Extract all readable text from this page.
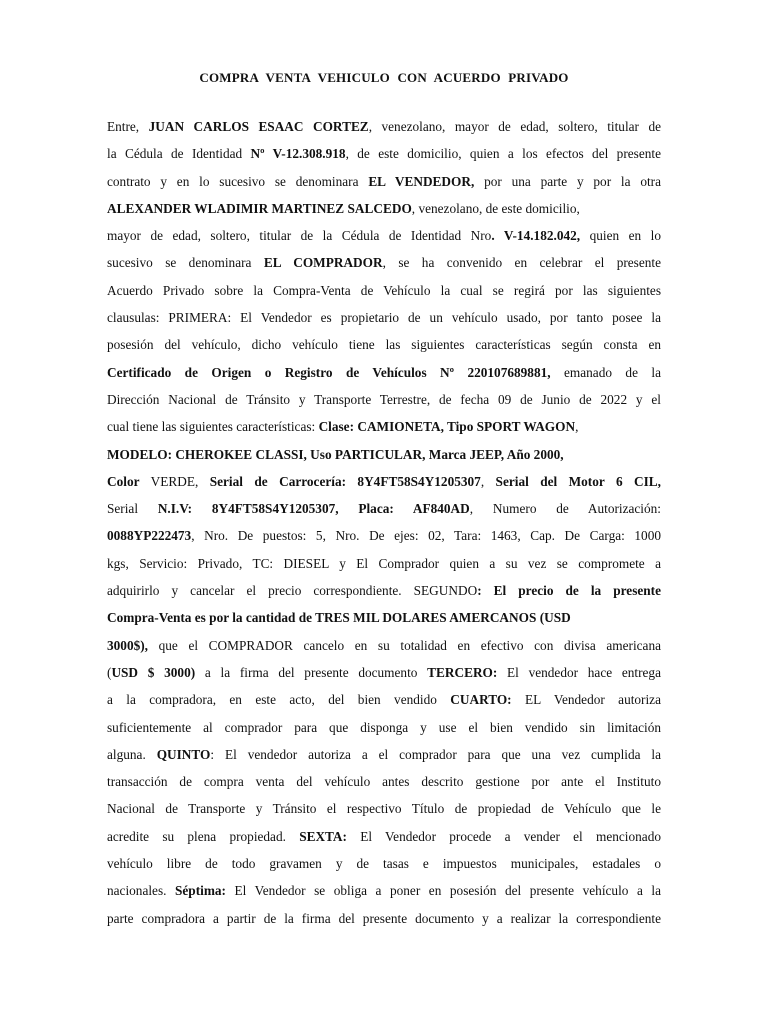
COMPRA VENTA VEHICULO CON ACUERDO PRIVADO
Entre, JUAN CARLOS ESAAC CORTEZ, venezolano, mayor de edad, soltero, titular de
la Cédula de Identidad Nº V-12.308.918, de este domicilio, quien a los efectos del presente
contrato y en lo sucesivo se denominara EL VENDEDOR, por una parte y por la otra
ALEXANDER WLADIMIR MARTINEZ SALCEDO, venezolano, de este domicilio,
mayor de edad, soltero, titular de la Cédula de Identidad Nro. V-14.182.042, quien en lo
sucesivo se denominara EL COMPRADOR, se ha convenido en celebrar el presente
Acuerdo Privado sobre la Compra-Venta de Vehículo la cual se regirá por las siguientes
clausulas: PRIMERA: El Vendedor es propietario de un vehículo usado, por tanto posee la
posesión del vehículo, dicho vehículo tiene las siguientes características según consta en
Certificado de Origen o Registro de Vehículos Nº 220107689881, emanado de la
Dirección Nacional de Tránsito y Transporte Terrestre, de fecha 09 de Junio de 2022 y el
cual tiene las siguientes características: Clase: CAMIONETA, Tipo SPORT WAGON,
MODELO: CHEROKEE CLASSI, Uso PARTICULAR, Marca JEEP, Año 2000,
Color VERDE, Serial de Carrocería: 8Y4FT58S4Y1205307, Serial del Motor 6 CIL,
Serial N.I.V: 8Y4FT58S4Y1205307, Placa: AF840AD, Numero de Autorización:
0088YP222473, Nro. De puestos: 5, Nro. De ejes: 02, Tara: 1463, Cap. De Carga: 1000
kgs, Servicio: Privado, TC: DIESEL y El Comprador quien a su vez se compromete a
adquirirlo y cancelar el precio correspondiente. SEGUNDO: El precio de la presente
Compra-Venta es por la cantidad de TRES MIL DOLARES AMERCANOS (USD
3000$), que el COMPRADOR cancelo en su totalidad en efectivo con divisa americana
(USD $ 3000) a la firma del presente documento TERCERO: El vendedor hace entrega
a la compradora, en este acto, del bien vendido CUARTO: EL Vendedor autoriza
suficientemente al comprador para que disponga y use el bien vendido sin limitación
alguna. QUINTO: El vendedor autoriza a el comprador para que una vez cumplida la
transacción de compra venta del vehículo antes descrito gestione por ante el Instituto
Nacional de Transporte y Tránsito el respectivo Título de propiedad de Vehículo que le
acredite su plena propiedad. SEXTA: El Vendedor procede a vender el mencionado
vehículo libre de todo gravamen y de tasas e impuestos municipales, estadales o
nacionales. Séptima: El Vendedor se obliga a poner en posesión del presente vehículo a la
parte compradora a partir de la firma del presente documento y a realizar la correspondiente
